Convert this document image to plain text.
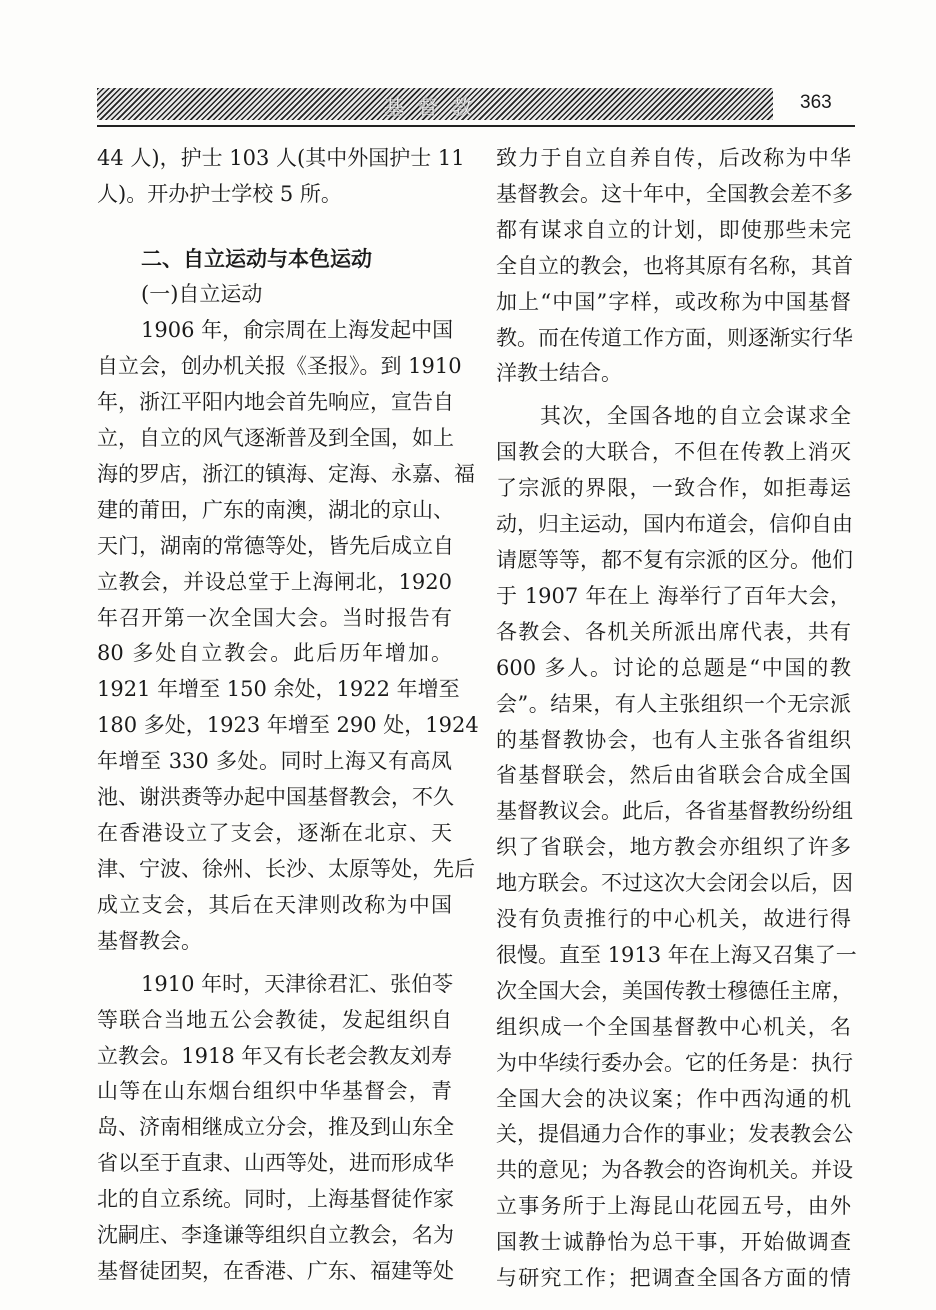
基督教	363
44 人)，护士 103 人(其中外国护士 11
人)。开办护士学校 5 所。
二、自立运动与本色运动
(一)自立运动
1906 年，俞宗周在上海发起中国
自立会，创办机关报《圣报》。到 1910
年，浙江平阳内地会首先响应，宣告自
立，自立的风气逐渐普及到全国，如上
海的罗店，浙江的镇海、定海、永嘉、福
建的莆田，广东的南澳，湖北的京山、
天门，湖南的常德等处，皆先后成立自
立教会，并设总堂于上海闸北，1920
年召开第一次全国大会。当时报告有
80 多处自立教会。此后历年增加。
1921 年增至 150 余处，1922 年增至
180 多处，1923 年增至 290 处，1924
年增至 330 多处。同时上海又有高凤
池、谢洪赉等办起中国基督教会，不久
在香港设立了支会，逐渐在北京、天
津、宁波、徐州、长沙、太原等处，先后
成立支会，其后在天津则改称为中国
基督教会。
1910 年时，天津徐君汇、张伯苓
等联合当地五公会教徒，发起组织自
立教会。1918 年又有长老会教友刘寿
山等在山东烟台组织中华基督会，青
岛、济南相继成立分会，推及到山东全
省以至于直隶、山西等处，进而形成华
北的自立系统。同时，上海基督徒作家
沈嗣庄、李逢谦等组织自立教会，名为
基督徒团契，在香港、广东、福建等处
致力于自立自养自传，后改称为中华
基督教会。这十年中，全国教会差不多
都有谋求自立的计划，即使那些未完
全自立的教会，也将其原有名称，其首
加上“中国”字样，或改称为中国基督
教。而在传道工作方面，则逐渐实行华
洋教士结合。
其次，全国各地的自立会谋求全
国教会的大联合，不但在传教上消灭
了宗派的界限，一致合作，如拒毒运
动，归主运动，国内布道会，信仰自由
请愿等等，都不复有宗派的区分。他们
于 1907 年在上 海举行了百年大会，
各教会、各机关所派出席代表，共有
600 多人。讨论的总题是“中国的教
会”。结果，有人主张组织一个无宗派
的基督教协会，也有人主张各省组织
省基督联会，然后由省联会合成全国
基督教议会。此后，各省基督教纷纷组
织了省联会，地方教会亦组织了许多
地方联会。不过这次大会闭会以后，因
没有负责推行的中心机关，故进行得
很慢。直至 1913 年在上海又召集了一
次全国大会，美国传教士穆德任主席，
组织成一个全国基督教中心机关，名
为中华续行委办会。它的任务是：执行
全国大会的决议案；作中西沟通的机
关，提倡通力合作的事业；发表教会公
共的意见；为各教会的咨询机关。并设
立事务所于上海昆山花园五号，由外
国教士诚静怡为总干事，开始做调查
与研究工作；把调查全国各方面的情
